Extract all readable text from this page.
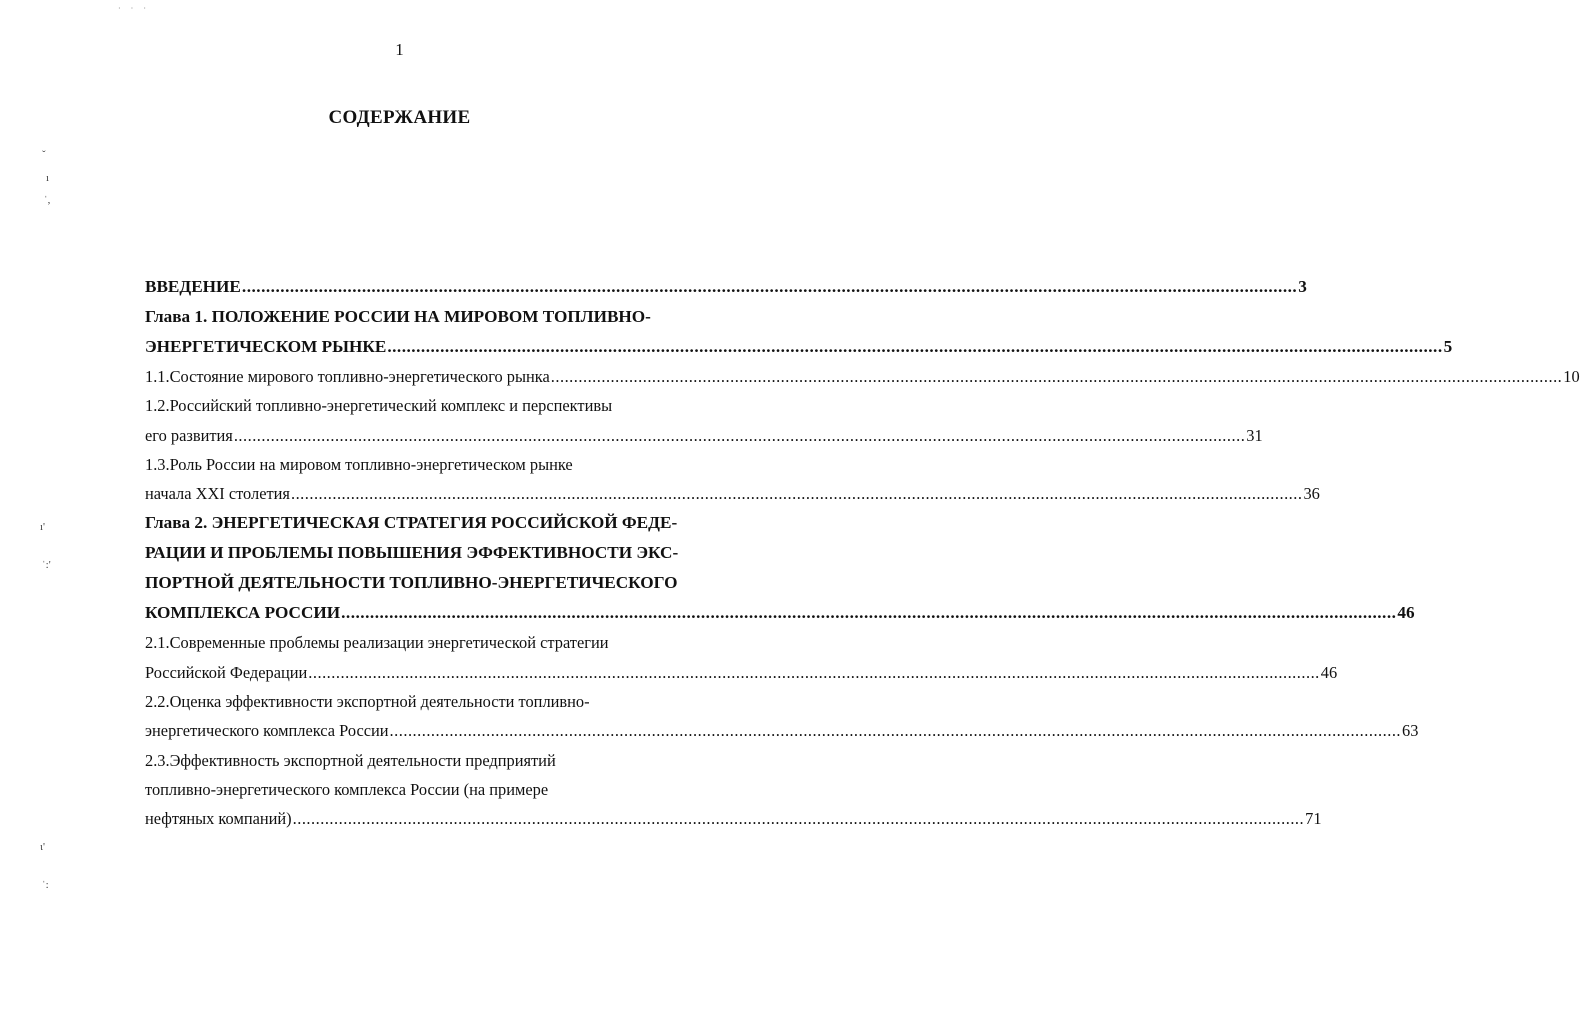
· · ·
ˇ
ı
ˈ,
ı'
ˈ:'
ɩ'
ˈ:
1
СОДЕРЖАНИЕ
ВВЕДЕНИЕ ............................................................................................................................................................................................................................ 3
Глава 1. ПОЛОЖЕНИЕ РОССИИ НА МИРОВОМ ТОПЛИВНО-
ЭНЕРГЕТИЧЕСКОМ РЫНКЕ ............................................................................................................................................................................................................................ 5
1.1.Состояние мирового топливно-энергетического рынка ............................................................................................................................................................................................................................ 10
1.2.Российский топливно-энергетический комплекс и перспективы
его развития ............................................................................................................................................................................................................................ 31
1.3.Роль России на мировом топливно-энергетическом рынке
начала XXI столетия ............................................................................................................................................................................................................................ 36
Глава 2. ЭНЕРГЕТИЧЕСКАЯ СТРАТЕГИЯ РОССИЙСКОЙ ФЕДЕ-
РАЦИИ И ПРОБЛЕМЫ ПОВЫШЕНИЯ ЭФФЕКТИВНОСТИ ЭКС-
ПОРТНОЙ ДЕЯТЕЛЬНОСТИ ТОПЛИВНО-ЭНЕРГЕТИЧЕСКОГО
КОМПЛЕКСА РОССИИ ............................................................................................................................................................................................................................ 46
2.1.Современные проблемы реализации энергетической стратегии
Российской Федерации ............................................................................................................................................................................................................................ 46
2.2.Оценка эффективности экспортной деятельности топливно-
энергетического комплекса России ............................................................................................................................................................................................................................ 63
2.3.Эффективность экспортной деятельности предприятий
топливно-энергетического комплекса России (на примере
нефтяных компаний) ............................................................................................................................................................................................................................ 71
